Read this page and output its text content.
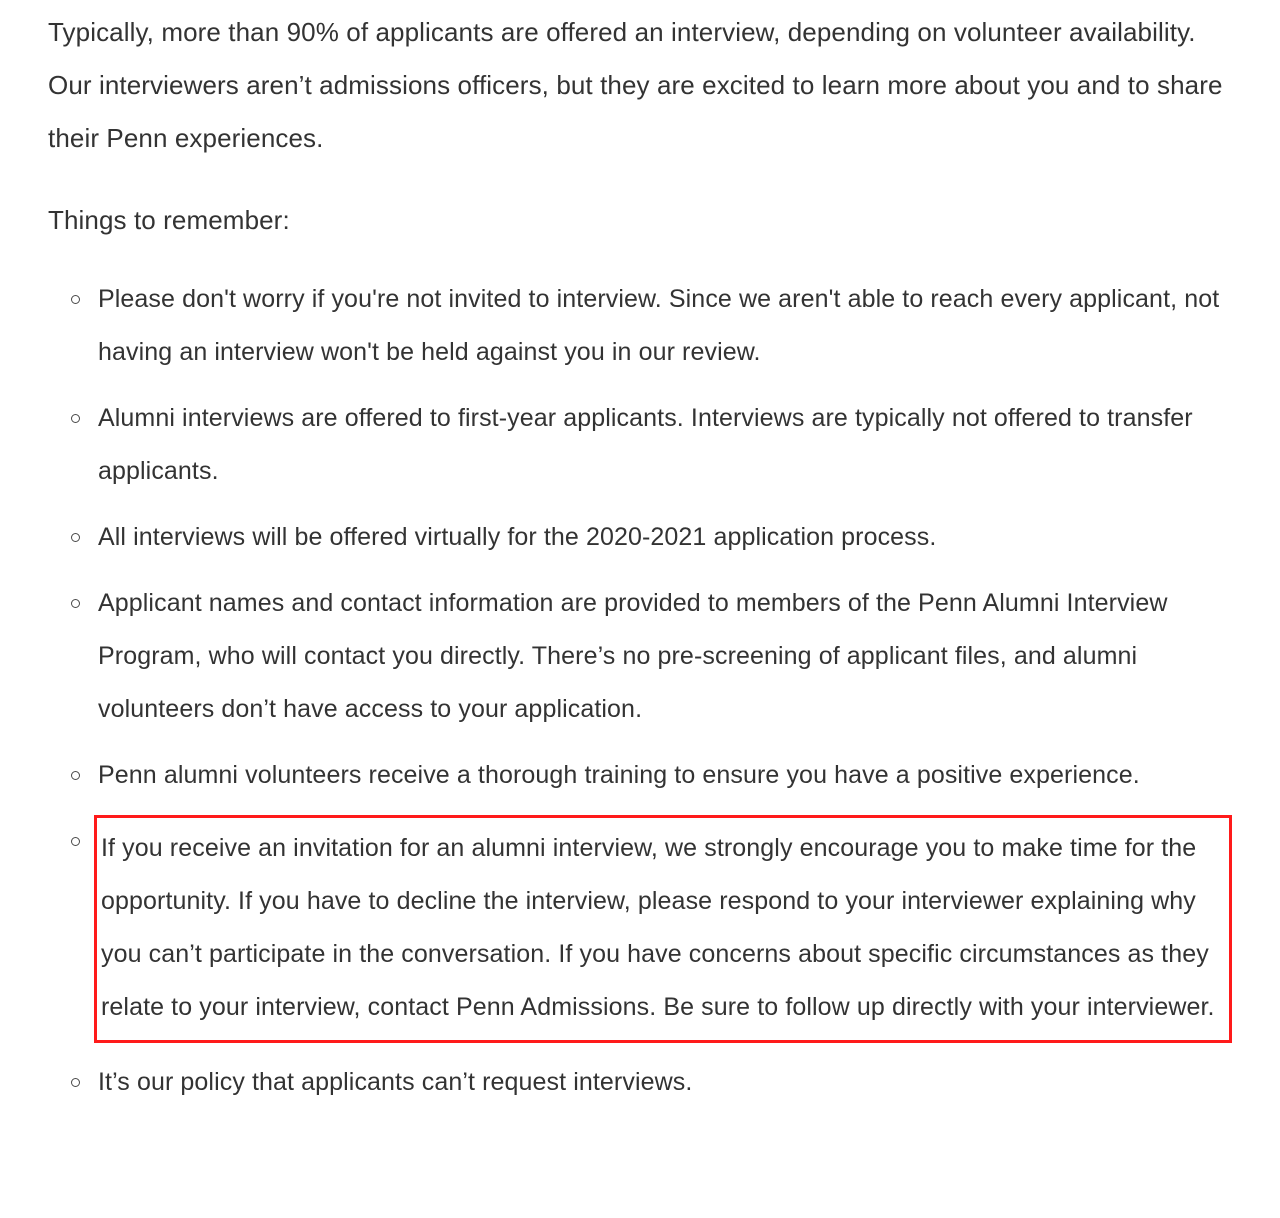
Typically, more than 90% of applicants are offered an interview, depending on volunteer availability. Our interviewers aren’t admissions officers, but they are excited to learn more about you and to share their Penn experiences.

Things to remember:

Please don't worry if you're not invited to interview. Since we aren't able to reach every applicant, not having an interview won't be held against you in our review.
Alumni interviews are offered to first-year applicants. Interviews are typically not offered to transfer applicants.
All interviews will be offered virtually for the 2020-2021 application process.
Applicant names and contact information are provided to members of the Penn Alumni Interview Program, who will contact you directly. There’s no pre-screening of applicant files, and alumni volunteers don’t have access to your application.
Penn alumni volunteers receive a thorough training to ensure you have a positive experience.
If you receive an invitation for an alumni interview, we strongly encourage you to make time for the opportunity. If you have to decline the interview, please respond to your interviewer explaining why you can’t participate in the conversation. If you have concerns about specific circumstances as they relate to your interview, contact Penn Admissions. Be sure to follow up directly with your interviewer.
It’s our policy that applicants can’t request interviews.
